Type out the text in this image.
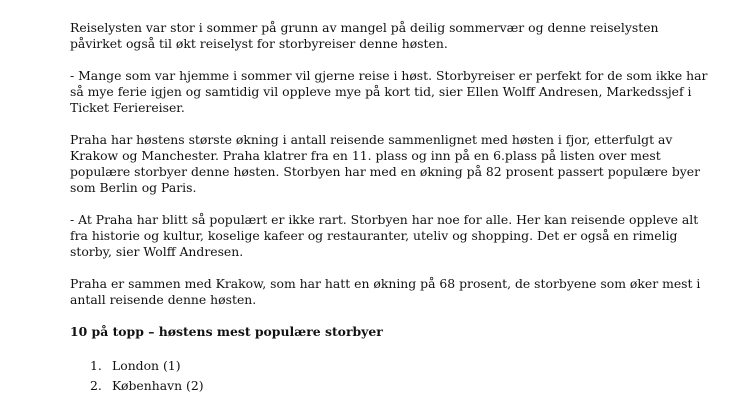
Reiselysten var stor i sommer på grunn av mangel på deilig sommervær og denne reiselysten påvirket også til økt reiselyst for storbyreiser denne høsten.

- Mange som var hjemme i sommer vil gjerne reise i høst. Storbyreiser er perfekt for de som ikke har så mye ferie igjen og samtidig vil oppleve mye på kort tid, sier Ellen Wolff Andresen, Markedssjef i Ticket Feriereiser.

Praha har høstens største økning i antall reisende sammenlignet med høsten i fjor, etterfulgt av Krakow og Manchester. Praha klatrer fra en 11. plass og inn på en 6.plass på listen over mest populære storbyer denne høsten. Storbyen har med en økning på 82 prosent passert populære byer som Berlin og Paris.

- At Praha har blitt så populært er ikke rart. Storbyen har noe for alle. Her kan reisende oppleve alt fra historie og kultur, koselige kafeer og restauranter, uteliv og shopping. Det er også en rimelig storby, sier Wolff Andresen.

Praha er sammen med Krakow, som har hatt en økning på 68 prosent, de storbyene som øker mest i antall reisende denne høsten.

10 på topp – høstens mest populære storbyer
1. London (1)
2. København (2)
